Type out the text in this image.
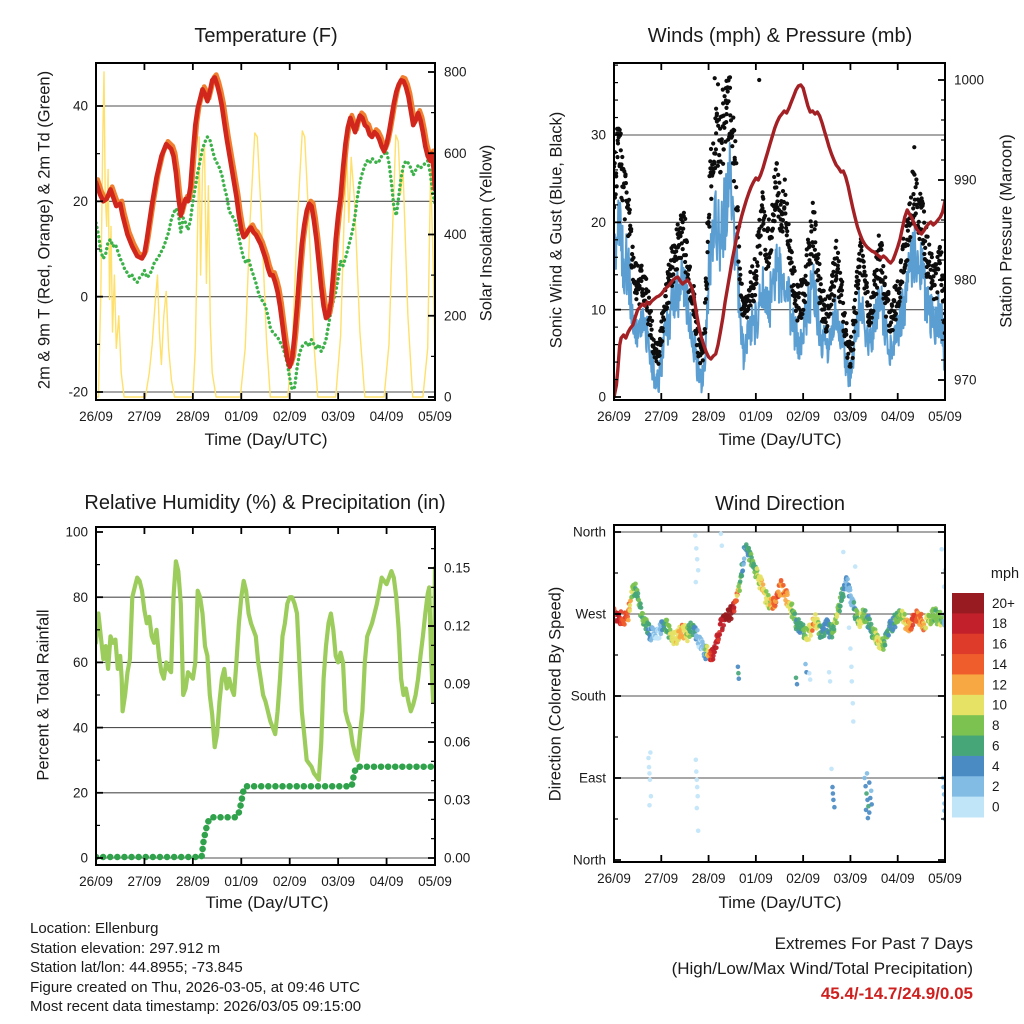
-20
0
20
40
0
200
400
600
800
26/09 27/09 28/09 01/09 02/09 03/09 04/09 05/09
0
10
20
30
970
980
990
1000
26/09 27/09 28/09 01/09 02/09 03/09 04/09 05/09
0
20
40
60
80
100
0.00
0.03
0.06
0.09
0.12
0.15
26/09 27/09 28/09 01/09 02/09 03/09 04/09 05/09
North
East
South
West
North
26/09 27/09 28/09 01/09 02/09 03/09 04/09 05/09
20+
18
16
14
12
10
8
6
4
2
0
Temperature (F)	Winds (mph) & Pressure (mb)
Relative Humidity (%) & Precipitation (in)	Wind Direction
Time (Day/UTC)	Time (Day/UTC)
Time (Day/UTC)	Time (Day/UTC)
2m & 9m T (Red, Orange) & 2m Td (Green)	Solar Insolation (Yellow)	Sonic Wind & Gust (Blue, Black)	Station Pressure (Maroon)
Percent & Total Rainfall	Direction (Colored By Speed)
mph
Location: Ellenburg
Station elevation: 297.912 m
Station lat/lon: 44.8955; -73.845
Figure created on Thu, 2026-03-05, at 09:46 UTC
Most recent data timestamp: 2026/03/05 09:15:00
Extremes For Past 7 Days
(High/Low/Max Wind/Total Precipitation)
45.4/-14.7/24.9/0.05
